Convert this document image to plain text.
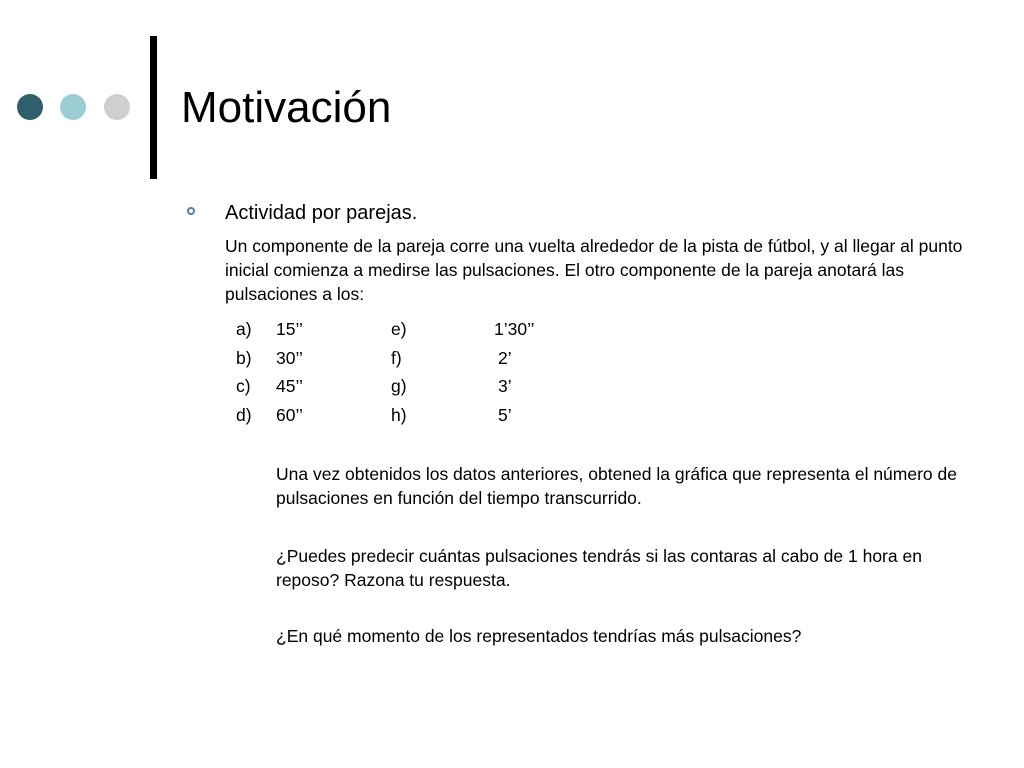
Motivación
Actividad por parejas.
Un componente de la pareja corre una vuelta alrededor de la pista de fútbol, y al llegar al punto inicial comienza a medirse las pulsaciones. El otro componente de la pareja anotará las pulsaciones a los:
a) 15’’	e)	1’30’’
b) 30’’	f)	2’
c) 45’’	g)	3’
d) 60’’	h)	5’
Una vez obtenidos los datos anteriores, obtened la gráfica que representa el número de pulsaciones en función del tiempo transcurrido.
¿Puedes predecir cuántas pulsaciones tendrás si las contaras al cabo de 1 hora en reposo? Razona tu respuesta.
¿En qué momento de los representados tendrías más pulsaciones?
